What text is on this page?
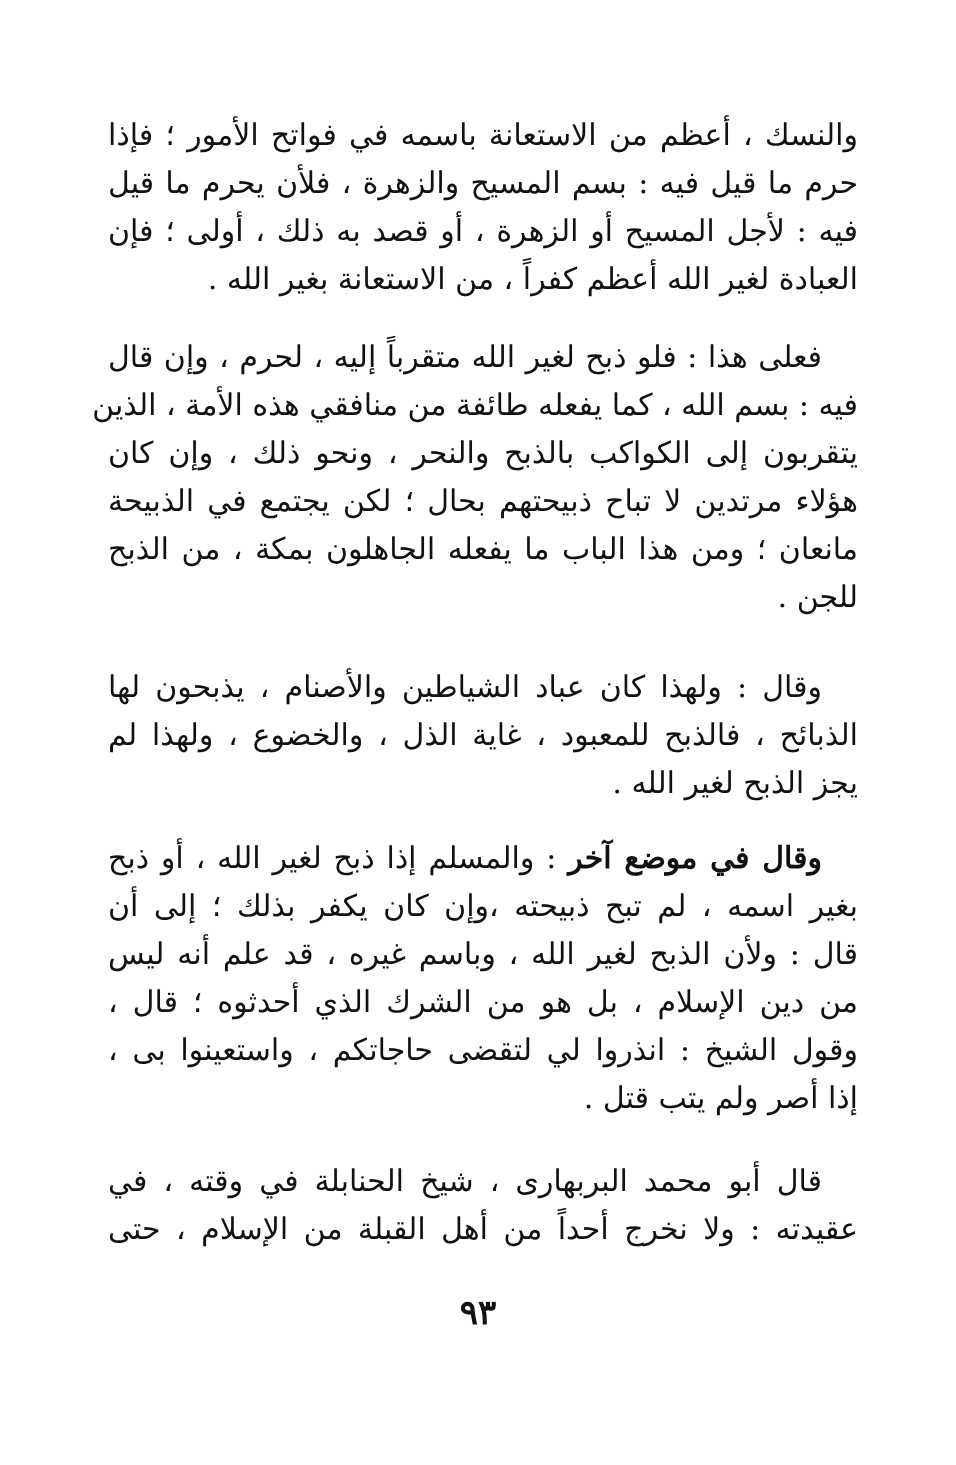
والنسك ، أعظم من الاستعانة باسمه في فواتح الأمور ؛ فإذا
حرم ما قيل فيه : بسم المسيح والزهرة ، فلأن يحرم ما قيل
فيه : لأجل المسيح أو الزهرة ، أو قصد به ذلك ، أولى ؛ فإن
العبادة لغير الله أعظم كفراً ، من الاستعانة بغير الله .
فعلى هذا : فلو ذبح لغير الله متقرباً إليه ، لحرم ، وإن قال
فيه : بسم الله ، كما يفعله طائفة من منافقي هذه الأمة ، الذين
يتقربون إلى الكواكب بالذبح والنحر ، ونحو ذلك ، وإن كان
هؤلاء مرتدين لا تباح ذبيحتهم بحال ؛ لكن يجتمع في الذبيحة
مانعان ؛ ومن هذا الباب ما يفعله الجاهلون بمكة ، من الذبح
للجن .
وقال : ولهذا كان عباد الشياطين والأصنام ، يذبحون لها
الذبائح ، فالذبح للمعبود ، غاية الذل ، والخضوع ، ولهذا لم
يجز الذبح لغير الله .
وقال في موضع آخر : والمسلم إذا ذبح لغير الله ، أو ذبح
بغير اسمه ، لم تبح ذبيحته ،وإن كان يكفر بذلك ؛ إلى أن
قال : ولأن الذبح لغير الله ، وباسم غيره ، قد علم أنه ليس
من دين الإسلام ، بل هو من الشرك الذي أحدثوه ؛ قال ،
وقول الشيخ : انذروا لي لتقضى حاجاتكم ، واستعينوا بى ،
إذا أصر ولم يتب قتل .
قال أبو محمد البربهارى ، شيخ الحنابلة في وقته ، في
عقيدته : ولا نخرج أحداً من أهل القبلة من الإسلام ، حتى
٩٣
